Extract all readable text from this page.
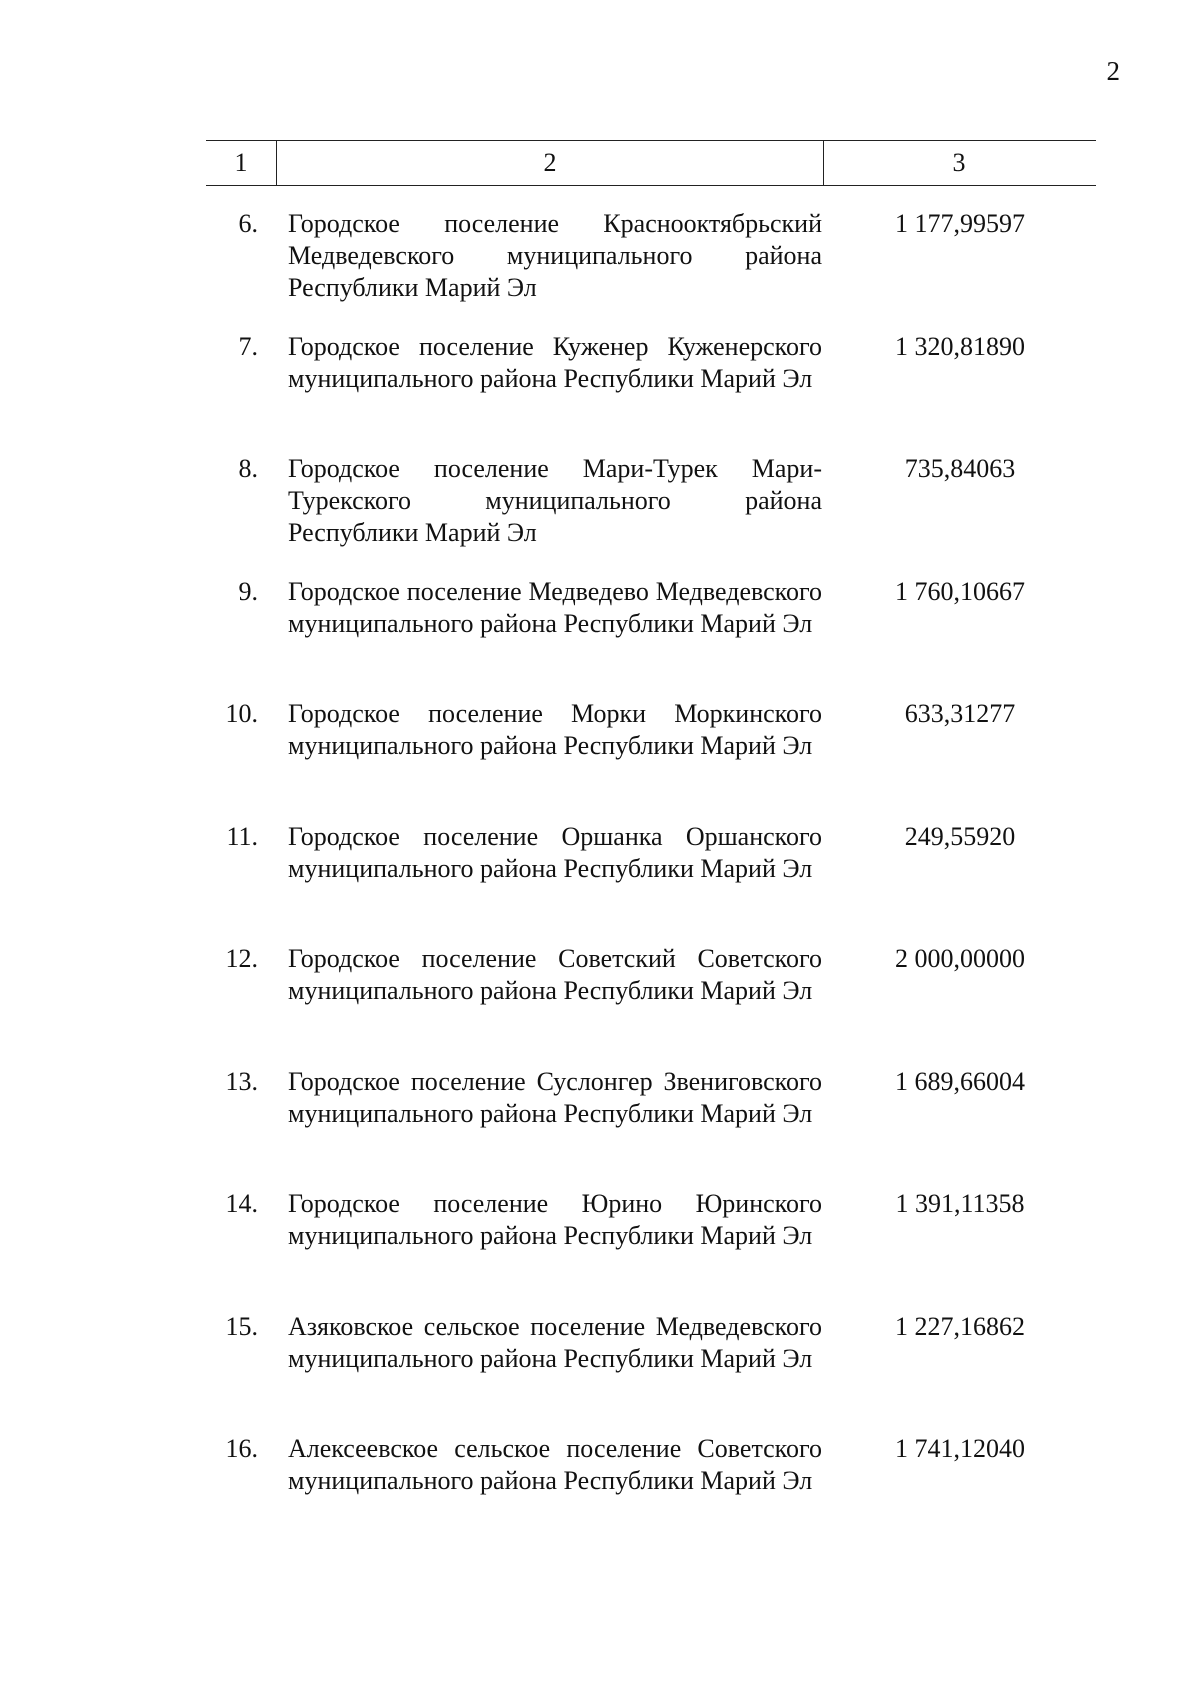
2
1	2	3
6. Городское поселение Краснооктябрьский Медведевского муниципального района Республики Марий Эл
1 177,99597
7. Городское поселение Куженер Куженерского муниципального района Республики Марий Эл
1 320,81890
8. Городское поселение Мари-Турек Мари-Турекского муниципального района Республики Марий Эл
735,84063
9. Городское поселение Медведево Медведевского муниципального района Республики Марий Эл
1 760,10667
10. Городское поселение Морки Моркинского муниципального района Республики Марий Эл
633,31277
11. Городское поселение Оршанка Оршанского муниципального района Республики Марий Эл
249,55920
12. Городское поселение Советский Советского муниципального района Республики Марий Эл
2 000,00000
13. Городское поселение Суслонгер Звениговского муниципального района Республики Марий Эл
1 689,66004
14. Городское поселение Юрино Юринского муниципального района Республики Марий Эл
1 391,11358
15. Азяковское сельское поселение Медведевского муниципального района Республики Марий Эл
1 227,16862
16. Алексеевское сельское поселение Советского муниципального района Республики Марий Эл
1 741,12040
